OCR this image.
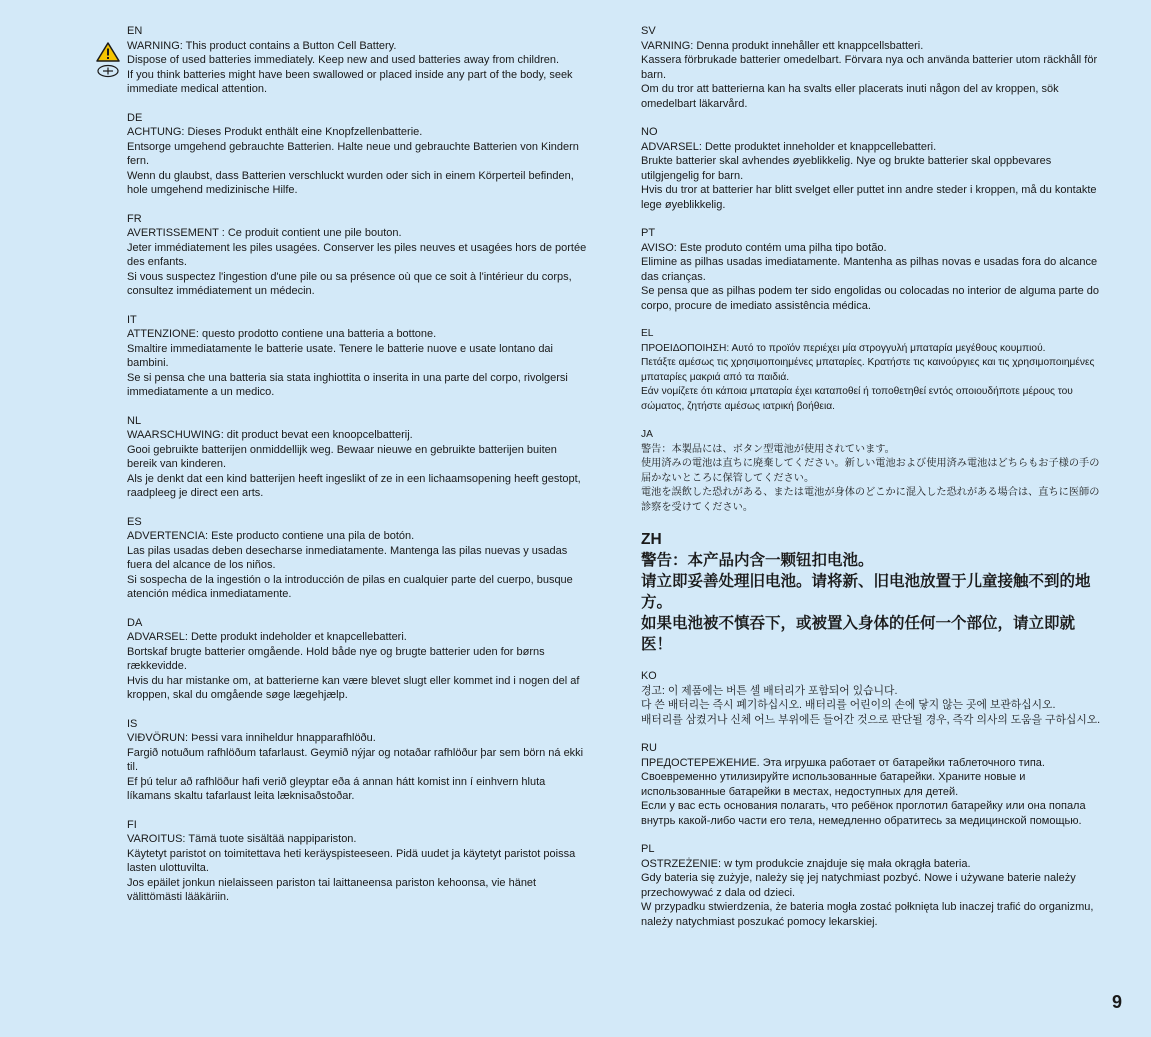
EN
WARNING: This product contains a Button Cell Battery.
Dispose of used batteries immediately. Keep new and used batteries away from children.
If you think batteries might have been swallowed or placed inside any part of the body, seek immediate medical attention.
DE
ACHTUNG: Dieses Produkt enthält eine Knopfzellenbatterie.
Entsorge umgehend gebrauchte Batterien. Halte neue und gebrauchte Batterien von Kindern fern.
Wenn du glaubst, dass Batterien verschluckt wurden oder sich in einem Körperteil befinden, hole umgehend medizinische Hilfe.
FR
AVERTISSEMENT : Ce produit contient une pile bouton.
Jeter immédiatement les piles usagées. Conserver les piles neuves et usagées hors de portée des enfants.
Si vous suspectez l'ingestion d'une pile ou sa présence où que ce soit à l'intérieur du corps, consultez immédiatement un médecin.
IT
ATTENZIONE: questo prodotto contiene una batteria a bottone.
Smaltire immediatamente le batterie usate. Tenere le batterie nuove e usate lontano dai bambini.
Se si pensa che una batteria sia stata inghiottita o inserita in una parte del corpo, rivolgersi immediatamente a un medico.
NL
WAARSCHUWING: dit product bevat een knoopcelbatterij.
Gooi gebruikte batterijen onmiddellijk weg. Bewaar nieuwe en gebruikte batterijen buiten bereik van kinderen.
Als je denkt dat een kind batterijen heeft ingeslikt of ze in een lichaamsopening heeft gestopt, raadpleeg je direct een arts.
ES
ADVERTENCIA: Este producto contiene una pila de botón.
Las pilas usadas deben desecharse inmediatamente. Mantenga las pilas nuevas y usadas fuera del alcance de los niños.
Si sospecha de la ingestión o la introducción de pilas en cualquier parte del cuerpo, busque atención médica inmediatamente.
DA
ADVARSEL: Dette produkt indeholder et knapcellebatteri.
Bortskaf brugte batterier omgående. Hold både nye og brugte batterier uden for børns rækkevidde.
Hvis du har mistanke om, at batterierne kan være blevet slugt eller kommet ind i nogen del af kroppen, skal du omgående søge lægehjælp.
IS
VIÐVÖRUN: Þessi vara inniheldur hnapparafhlöðu.
Fargið notuðum rafhlöðum tafarlaust. Geymið nýjar og notaðar rafhlöður þar sem börn ná ekki til.
Ef þú telur að rafhlöður hafi verið gleyptar eða á annan hátt komist inn í einhvern hluta líkamans skaltu tafarlaust leita læknisaðstoðar.
FI
VAROITUS: Tämä tuote sisältää nappipariston.
Käytetyt paristot on toimitettava heti keräyspisteeseen. Pidä uudet ja käytetyt paristot poissa lasten ulottuvilta.
Jos epäilet jonkun nielaisseen pariston tai laittaneensa pariston kehoonsa, vie hänet välittömästi lääkäriin.
SV
VARNING: Denna produkt innehåller ett knappcellsbatteri.
Kassera förbrukade batterier omedelbart. Förvara nya och använda batterier utom räckhåll för barn.
Om du tror att batterierna kan ha svalts eller placerats inuti någon del av kroppen, sök omedelbart läkarvård.
NO
ADVARSEL: Dette produktet inneholder et knappcellebatteri.
Brukte batterier skal avhendes øyeblikkelig. Nye og brukte batterier skal oppbevares utilgjengelig for barn.
Hvis du tror at batterier har blitt svelget eller puttet inn andre steder i kroppen, må du kontakte lege øyeblikkelig.
PT
AVISO: Este produto contém uma pilha tipo botão.
Elimine as pilhas usadas imediatamente. Mantenha as pilhas novas e usadas fora do alcance das crianças.
Se pensa que as pilhas podem ter sido engolidas ou colocadas no interior de alguma parte do corpo, procure de imediato assistência médica.
EL
ΠΡΟΕΙΔΟΠΟΙΗΣΗ: Αυτό το προϊόν περιέχει μία στρογγυλή μπαταρία μεγέθους κουμπιού.
Πετάξτε αμέσως τις χρησιμοποιημένες μπαταρίες. Κρατήστε τις καινούργιες και τις χρησιμοποιημένες μπαταρίες μακριά από τα παιδιά.
Εάν νομίζετε ότι κάποια μπαταρία έχει καταποθεί ή τοποθετηθεί εντός οποιουδήποτε μέρους του σώματος, ζητήστε αμέσως ιατρική βοήθεια.
JA
警告：本製品には、ボタン型電池が使用されています。
使用済みの電池は直ちに廃棄してください。新しい電池および使用済み電池はどちらもお子様の手の届かないところに保管してください。
電池を誤飲した恐れがある、または電池が身体のどこかに混入した恐れがある場合は、直ちに医師の診察を受けてください。
ZH
警告：本产品内含一颗钮扣电池。
请立即妥善处理旧电池。请将新、旧电池放置于儿童接触不到的地方。
如果电池被不慎吞下，或被置入身体的任何一个部位，请立即就医！
KO
경고: 이 제품에는 버튼 셀 배터리가 포함되어 있습니다.
다 쓴 배터리는 즉시 폐기하십시오. 배터리를 어린이의 손에 닿지 않는 곳에 보관하십시오.
배터리를 삼켰거나 신체 어느 부위에든 들어간 것으로 판단될 경우, 즉각 의사의 도움을 구하십시오.
RU
ПРЕДОСТЕРЕЖЕНИЕ. Эта игрушка работает от батарейки таблеточного типа.
Своевременно утилизируйте использованные батарейки. Храните новые и использованные батарейки в местах, недоступных для детей.
Если у вас есть основания полагать, что ребёнок проглотил батарейку или она попала внутрь какой-либо части его тела, немедленно обратитесь за медицинской помощью.
PL
OSTRZEŻENIE: w tym produkcie znajduje się mała okrągła bateria.
Gdy bateria się zużyje, należy się jej natychmiast pozbyć. Nowe i używane baterie należy przechowywać z dala od dzieci.
W przypadku stwierdzenia, że bateria mogła zostać połknięta lub inaczej trafić do organizmu, należy natychmiast poszukać pomocy lekarskiej.
9
